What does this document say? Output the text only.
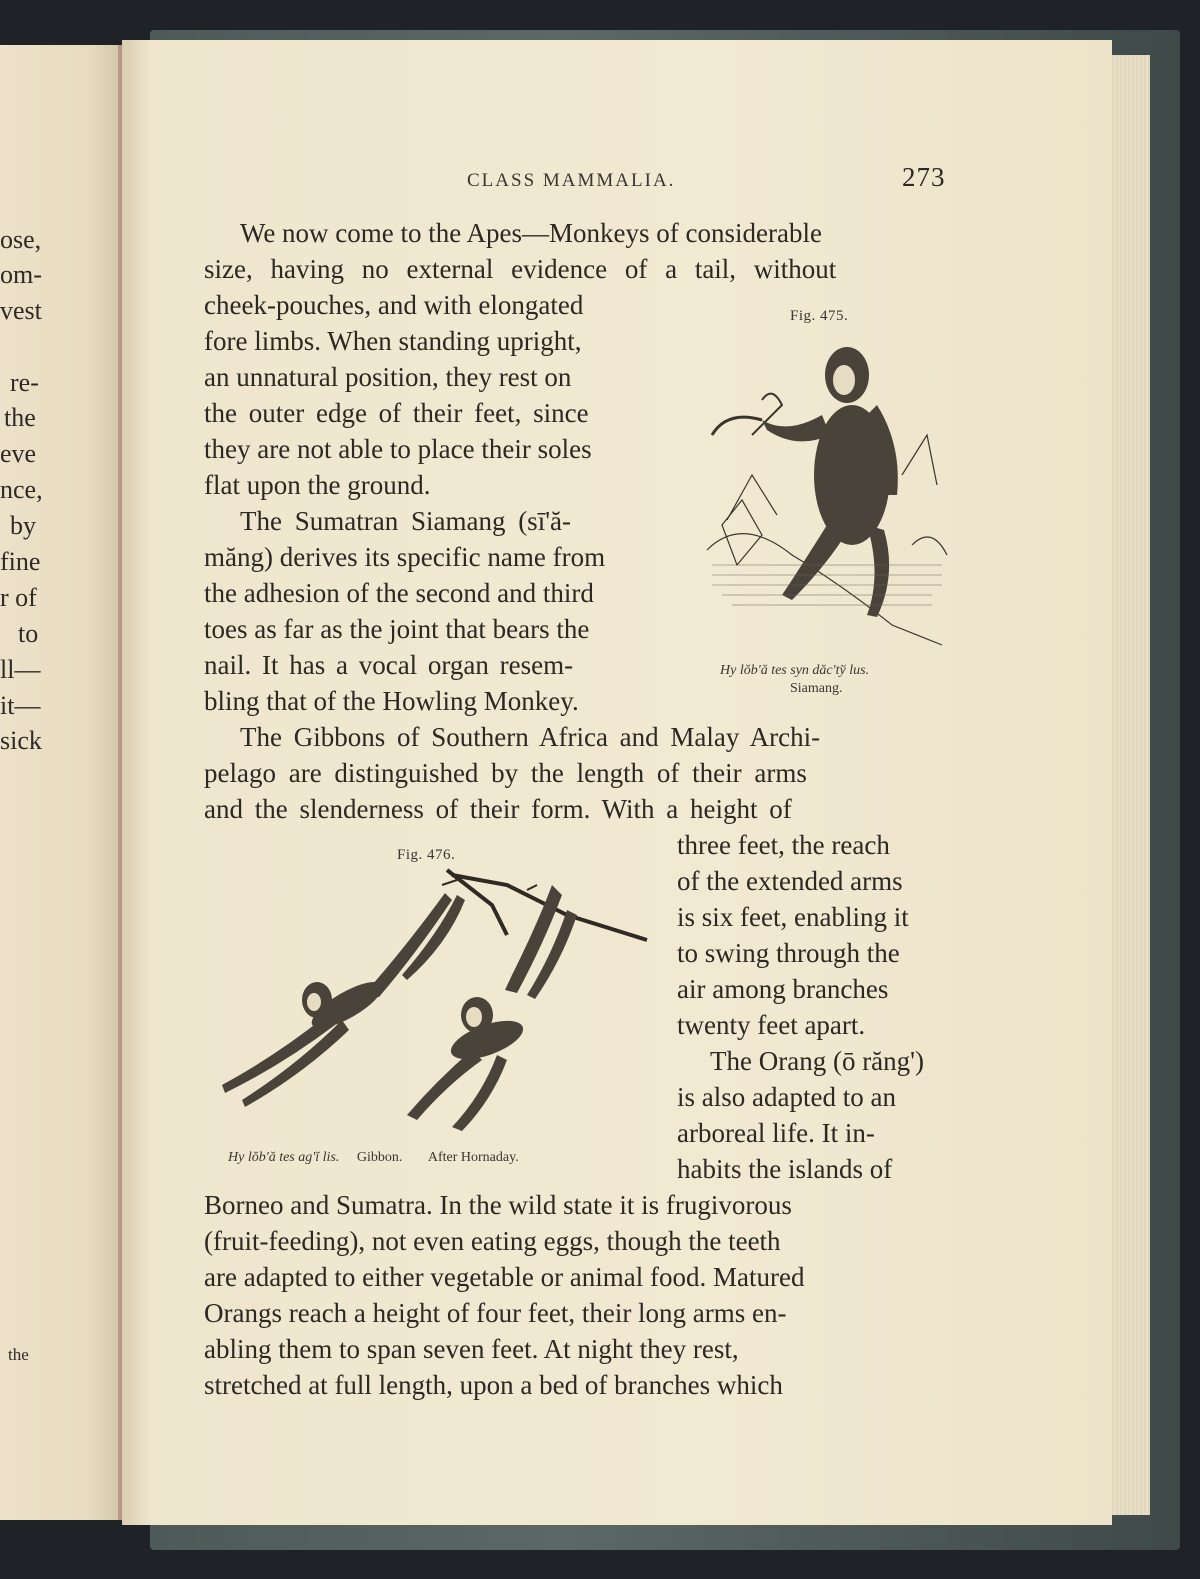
ose,
om-
vest
re-
the
eve
nce,
by
fine
r of
to
ll—
it—
sick
the
CLASS MAMMALIA.	273
We now come to the Apes—Monkeys of considerable
size, having no external evidence of a tail, without
cheek-pouches, and with elongated
fore limbs. When standing upright,
an unnatural position, they rest on
the outer edge of their feet, since
they are not able to place their soles
flat upon the ground.
The Sumatran Siamang (sī'ă-
măng) derives its specific name from
the adhesion of the second and third
toes as far as the joint that bears the
nail. It has a vocal organ resem-
bling that of the Howling Monkey.
The Gibbons of Southern Africa and Malay Archi-
pelago are distinguished by the length of their arms
and the slenderness of their form. With a height of
three feet, the reach
of the extended arms
is six feet, enabling it
to swing through the
air among branches
twenty feet apart.
The Orang (ō răng')
is also adapted to an
arboreal life. It in-
habits the islands of
Borneo and Sumatra. In the wild state it is frugivorous
(fruit-feeding), not even eating eggs, though the teeth
are adapted to either vegetable or animal food. Matured
Orangs reach a height of four feet, their long arms en-
abling them to span seven feet. At night they rest,
stretched at full length, upon a bed of branches which
Fig. 475.
Hy lŏb'ă tes syn dăc'tў lus.
Siamang.
Fig. 476.
Hy lŏb'ă tes ag'ĭ lis. Gibbon. After Hornaday.
